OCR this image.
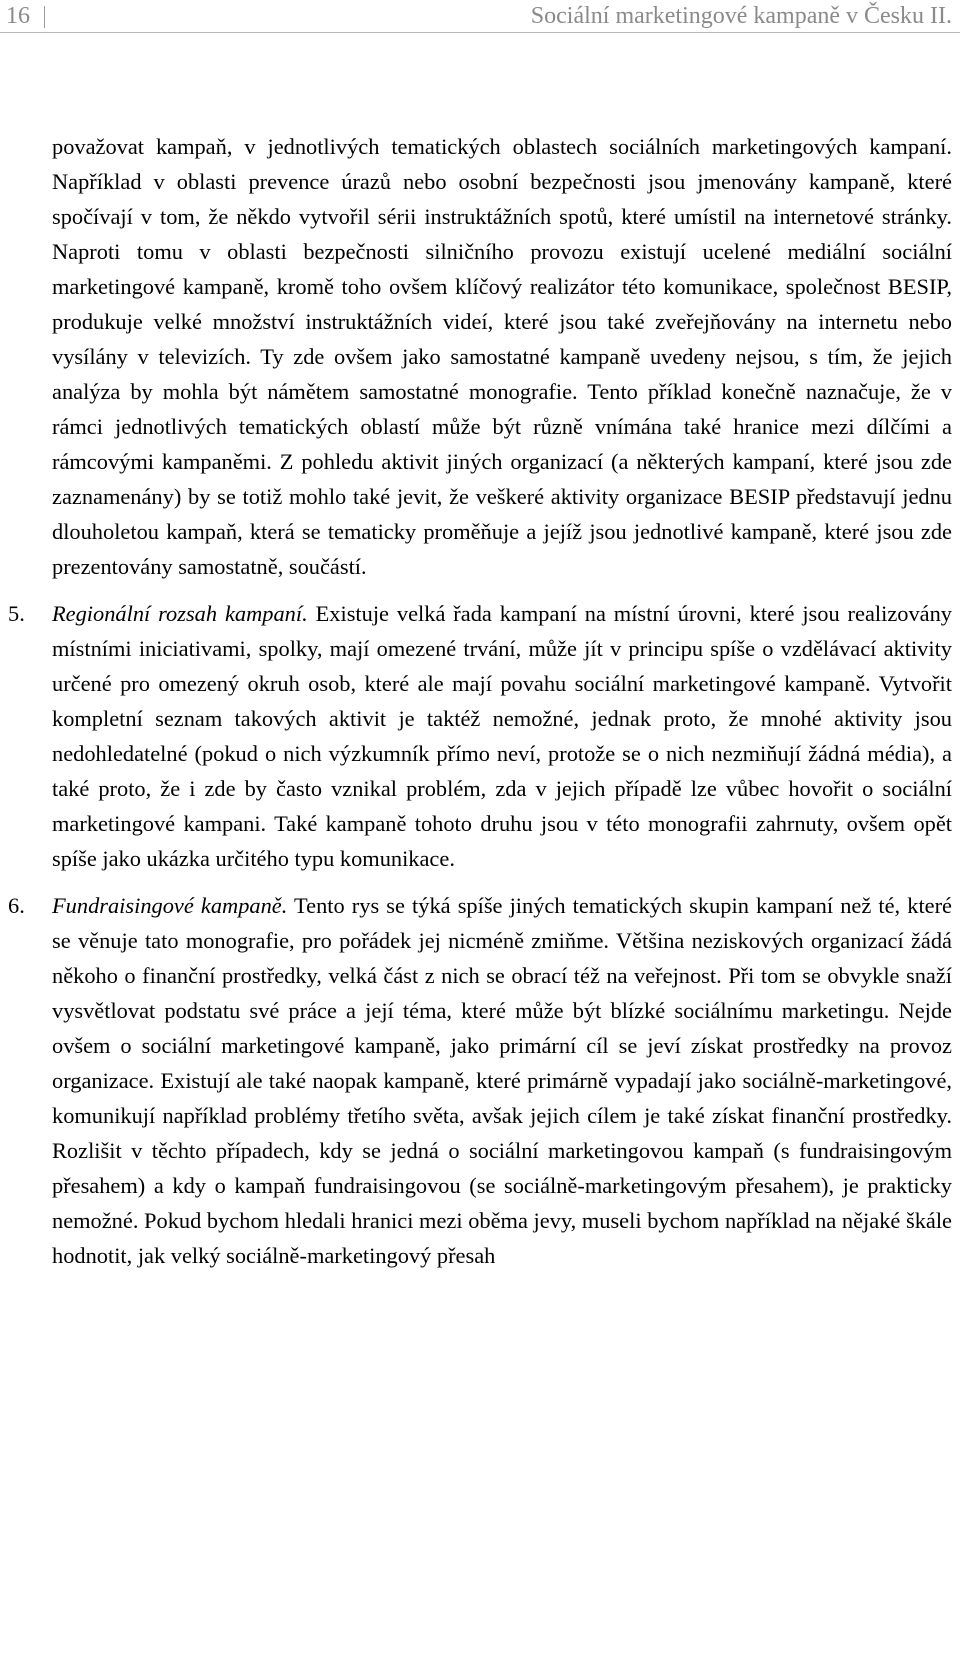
16	Sociální marketingové kampaně v Česku II.

považovat kampaň, v jednotlivých tematických oblastech sociálních marketingových kampaní. Například v oblasti prevence úrazů nebo osobní bezpečnosti jsou jmenovány kampaně, které spočívají v tom, že někdo vytvořil sérii instruktážních spotů, které umístil na internetové stránky. Naproti tomu v oblasti bezpečnosti silničního provozu existují ucelené mediální sociální marketingové kampaně, kromě toho ovšem klíčový realizátor této komunikace, společnost BESIP, produkuje velké množství instruktážních videí, které jsou také zveřejňovány na internetu nebo vysílány v televizích. Ty zde ovšem jako samostatné kampaně uvedeny nejsou, s tím, že jejich analýza by mohla být námětem samostatné monografie. Tento příklad konečně naznačuje, že v rámci jednotlivých tematických oblastí může být různě vnímána také hranice mezi dílčími a rámcovými kampaněmi. Z pohledu aktivit jiných organizací (a některých kampaní, které jsou zde zaznamenány) by se totiž mohlo také jevit, že veškeré aktivity organizace BESIP představují jednu dlouholetou kampaň, která se tematicky proměňuje a jejíž jsou jednotlivé kampaně, které jsou zde prezentovány samostatně, součástí.

5. Regionální rozsah kampaní. Existuje velká řada kampaní na místní úrovni, které jsou realizovány místními iniciativami, spolky, mají omezené trvání, může jít v principu spíše o vzdělávací aktivity určené pro omezený okruh osob, které ale mají povahu sociální marketingové kampaně. Vytvořit kompletní seznam takových aktivit je taktéž nemožné, jednak proto, že mnohé aktivity jsou nedohledatelné (pokud o nich výzkumník přímo neví, protože se o nich nezmiňují žádná média), a také proto, že i zde by často vznikal problém, zda v jejich případě lze vůbec hovořit o sociální marketingové kampani. Také kampaně tohoto druhu jsou v této monografii zahrnuty, ovšem opět spíše jako ukázka určitého typu komunikace.
6. Fundraisingové kampaně. Tento rys se týká spíše jiných tematických skupin kampaní než té, které se věnuje tato monografie, pro pořádek jej nicméně zmiňme. Většina neziskových organizací žádá někoho o finanční prostředky, velká část z nich se obrací též na veřejnost. Při tom se obvykle snaží vysvětlovat podstatu své práce a její téma, které může být blízké sociálnímu marketingu. Nejde ovšem o sociální marketingové kampaně, jako primární cíl se jeví získat prostředky na provoz organizace. Existují ale také naopak kampaně, které primárně vypadají jako sociálně-marketingové, komunikují například problémy třetího světa, avšak jejich cílem je také získat finanční prostředky. Rozlišit v těchto případech, kdy se jedná o sociální marketingovou kampaň (s fundraisingovým přesahem) a kdy o kampaň fundraisingovou (se sociálně-marketingovým přesahem), je prakticky nemožné. Pokud bychom hledali hranici mezi oběma jevy, museli bychom například na nějaké škále hodnotit, jak velký sociálně-marketingový přesah
